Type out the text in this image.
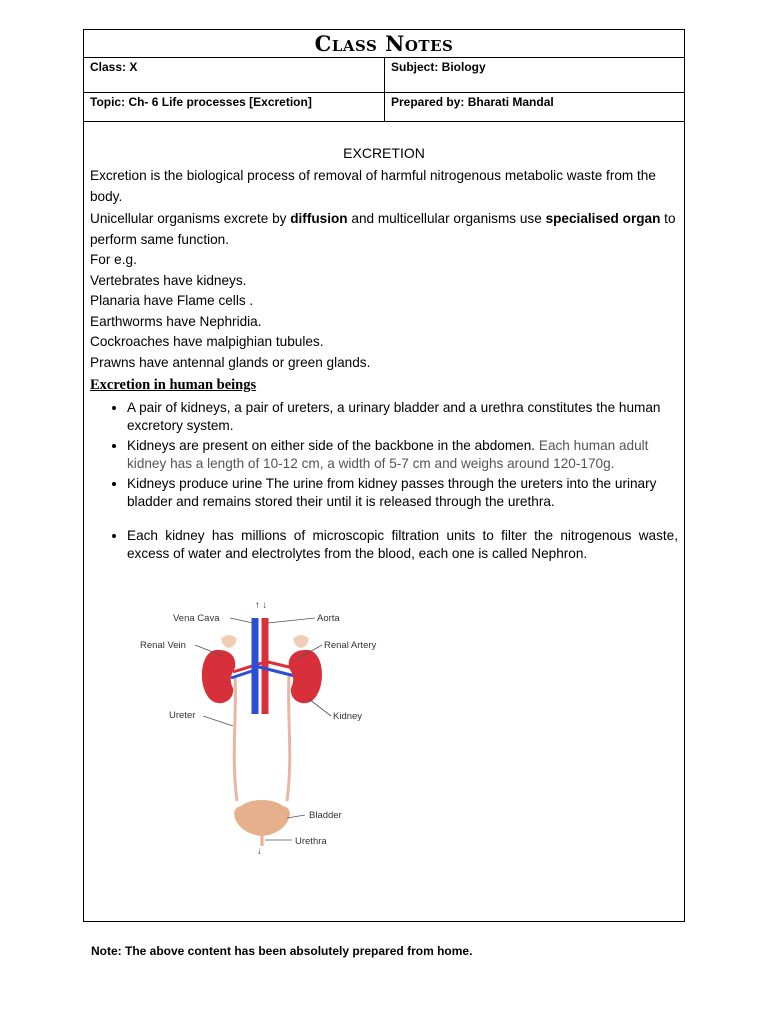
Class Notes
Class: X	Subject: Biology
Topic: Ch- 6 Life processes [Excretion]	Prepared by: Bharati Mandal
EXCRETION

Excretion is the biological process of removal of harmful nitrogenous metabolic waste from the body.

Unicellular organisms excrete by diffusion and multicellular organisms use specialised organ to perform same function.

For e.g.

Vertebrates have kidneys.

Planaria have Flame cells .

Earthworms have Nephridia.

Cockroaches have malpighian tubules.

Prawns have antennal glands or green glands.

Excretion in human beings
• A pair of kidneys, a pair of ureters, a urinary bladder and a urethra constitutes the human excretory system.
• Kidneys are present on either side of the backbone in the abdomen. Each human adult kidney has a length of 10-12 cm, a width of 5-7 cm and weighs around 120-170g.
• Kidneys produce urine The urine from kidney passes through the ureters into the urinary bladder and remains stored their until it is released through the urethra.
• Each kidney has millions of microscopic filtration units to filter the nitrogenous waste, excess of water and electrolytes from the blood, each one is called Nephron.
↑ ↓
Vena Cava	Aorta
Renal Vein	Renal Artery
Ureter	Kidney
Bladder
Urethra
↓
Note: The above content has been absolutely prepared from home.
